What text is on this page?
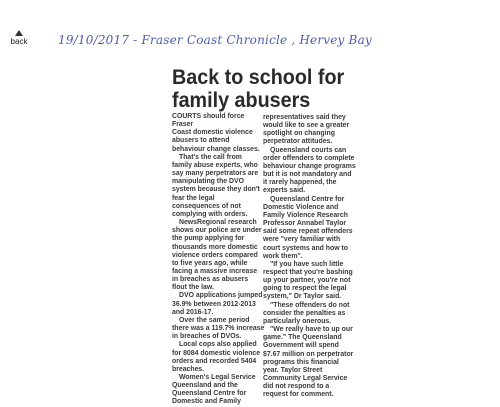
back	19/10/2017 - Fraser Coast Chronicle , Hervey Bay
Back to school for
family abusers

COURTS should force Fraser

Coast domestic violence

abusers to attend

behaviour change classes.

That's the call from

family abuse experts, who

say many perpetrators are

manipulating the DVO

system because they don't

fear the legal

consequences of not

complying with orders.

NewsRegional research

shows our police are under

the pump applying for

thousands more domestic

violence orders compared

to five years ago, while

facing a massive increase

in breaches as abusers

flout the law.

DVO applications jumped

36.9% between 2012-2013

and 2016-17.

Over the same period

there was a 119.7% increase

in breaches of DVOs.

Local cops also applied

for 8084 domestic violence

orders and recorded 5404

breaches.

Women's Legal Service

Queensland and the

Queensland Centre for

Domestic and Family

representatives said they

would like to see a greater

spotlight on changing

perpetrator attitudes.

Queensland courts can

order offenders to complete

behaviour change programs

but it is not mandatory and

it rarely happened, the

experts said.

Queensland Centre for

Domestic Violence and

Family Violence Research

Professor Annabel Taylor

said some repeat offenders

were "very familiar with

court systems and how to

work them".

"If you have such little

respect that you're bashing

up your partner, you're not

going to respect the legal

system," Dr Taylor said.

"These offenders do not

consider the penalties as

particularly onerous.

"We really have to up our

game." The Queensland

Government will spend

$7.67 million on perpetrator

programs this financial

year. Taylor Street

Community Legal Service

did not respond to a

request for comment.
